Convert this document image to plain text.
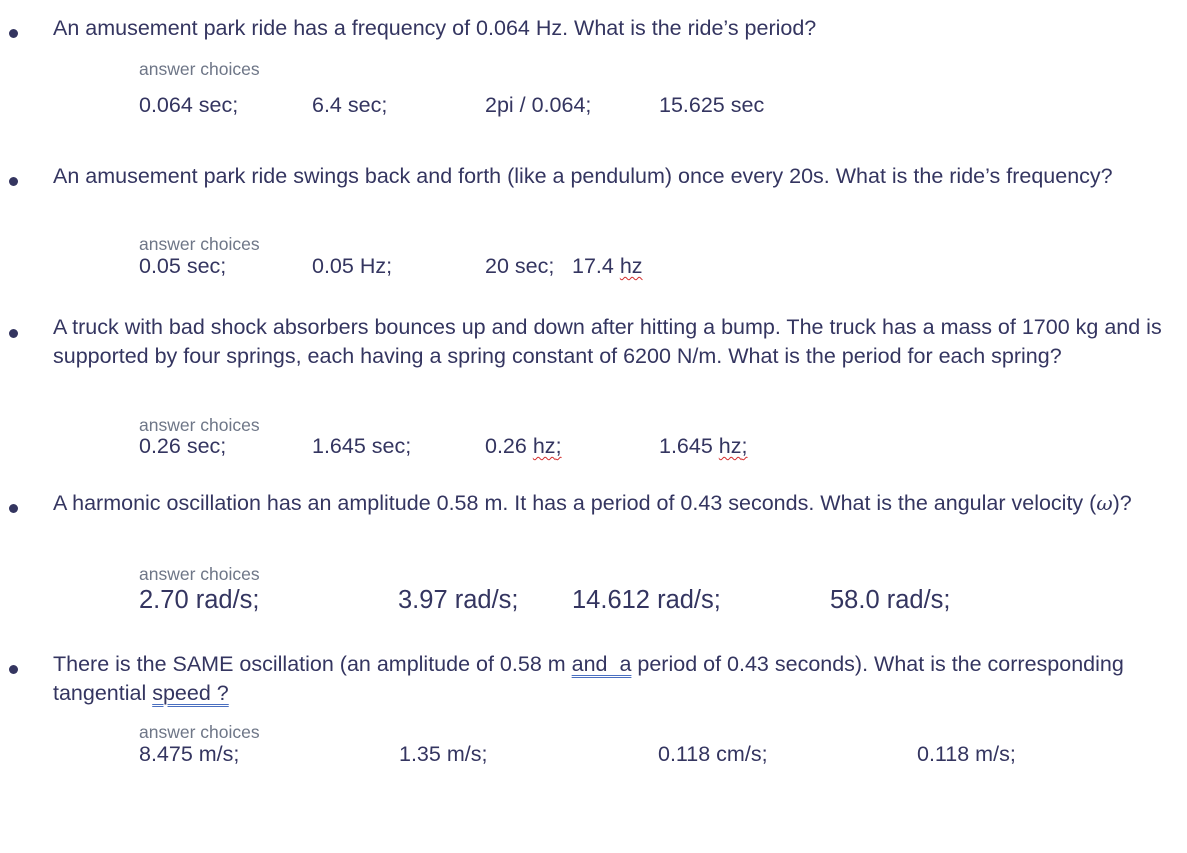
An amusement park ride has a frequency of 0.064 Hz. What is the ride’s period?
answer choices
0.064 sec;	6.4 sec;	2pi / 0.064;	15.625 sec
An amusement park ride swings back and forth (like a pendulum) once every 20s. What is the ride’s frequency?
answer choices
0.05 sec;	0.05 Hz;	20 sec; 17.4 hz
A truck with bad shock absorbers bounces up and down after hitting a bump. The truck has a mass of 1700 kg and is supported by four springs, each having a spring constant of 6200 N/m. What is the period for each spring?
answer choices
0.26 sec;	1.645 sec;	0.26 hz;	1.645 hz;
A harmonic oscillation has an amplitude 0.58 m. It has a period of 0.43 seconds. What is the angular velocity (ω)?
answer choices
2.70 rad/s;	3.97 rad/s; 14.612 rad/s;	58.0 rad/s;
There is the SAME oscillation (an amplitude of 0.58 m and  a period of 0.43 seconds). What is the corresponding tangential speed ?
answer choices
8.475 m/s;	1.35 m/s;	0.118 cm/s;	0.118 m/s;
